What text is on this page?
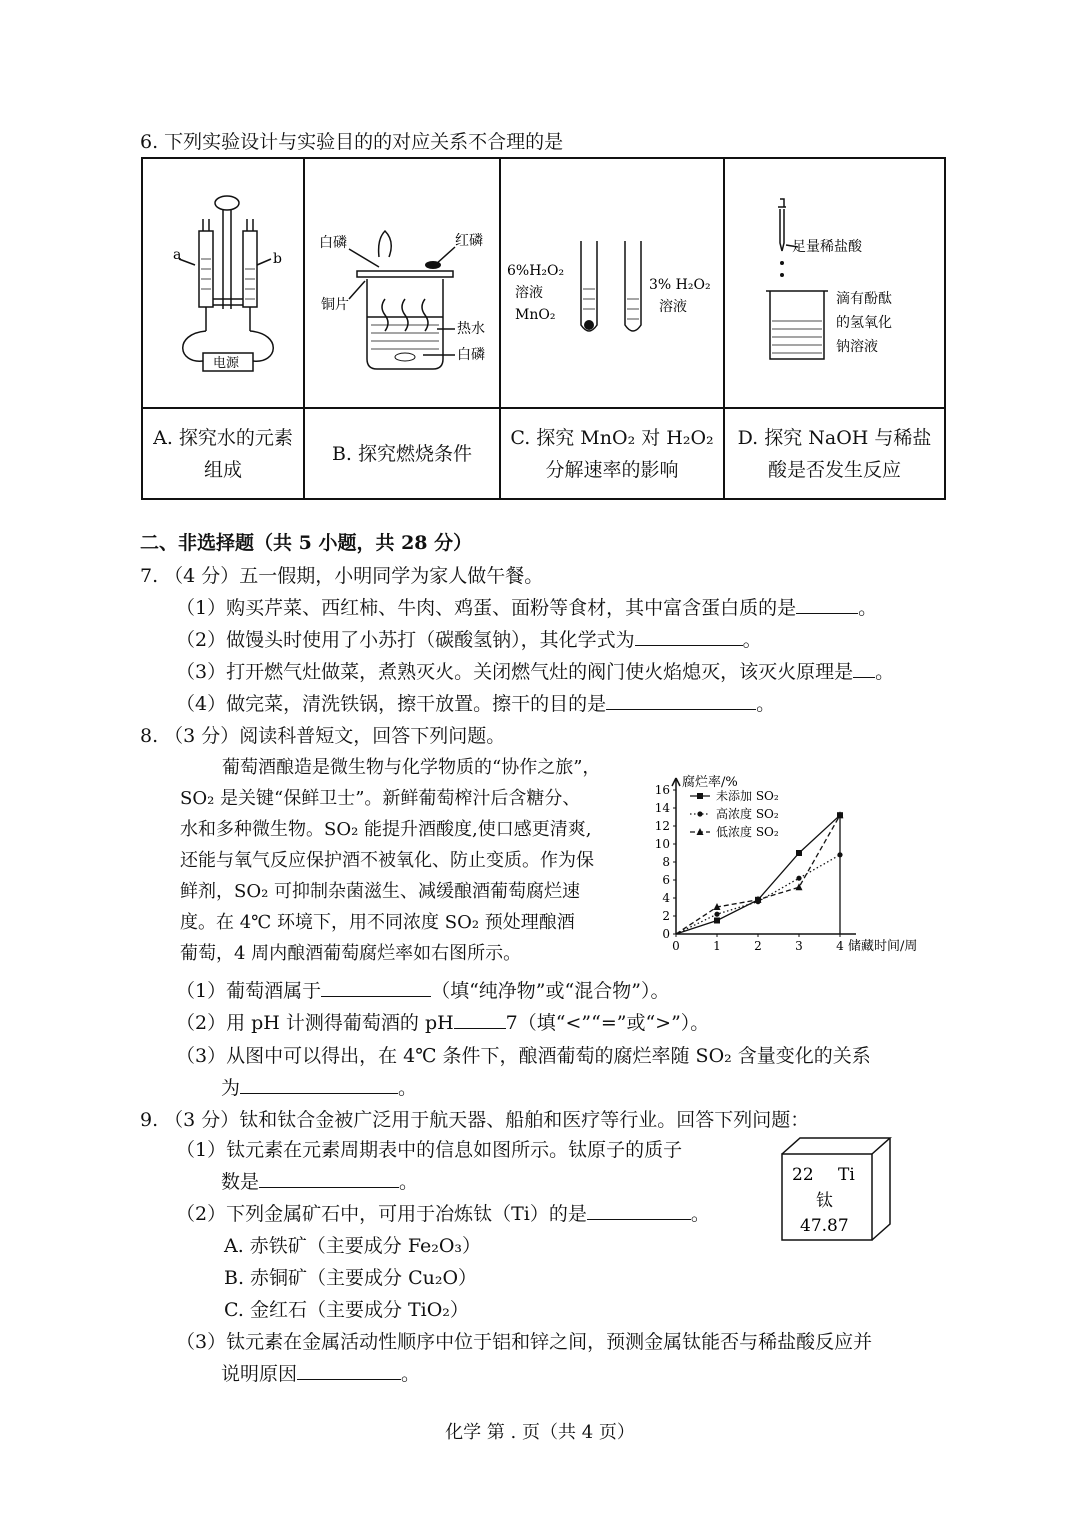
6. 下列实验设计与实验目的的对应关系不合理的是
a b
电源	白磷 红磷
铜片
热水
白磷	6%H₂O₂
溶液
MnO₂
3% H₂O₂
溶液	足量稀盐酸
滴有酚酞
的氢氧化
钠溶液

A. 探究水的元素组成	B. 探究燃烧条件	C. 探究 MnO₂ 对 H₂O₂ 分解速率的影响	D. 探究 NaOH 与稀盐酸是否发生反应
二、非选择题（共 5 小题，共 28 分）
7. （4 分）五一假期，小明同学为家人做午餐。
（1）购买芹菜、西红柿、牛肉、鸡蛋、面粉等食材，其中富含蛋白质的是	。
（2）做馒头时使用了小苏打（碳酸氢钠），其化学式为	。
（3）打开燃气灶做菜，煮熟灭火。关闭燃气灶的阀门使火焰熄灭，该灭火原理是 。
（4）做完菜，清洗铁锅，擦干放置。擦干的目的是	。
8. （3 分）阅读科普短文，回答下列问题。
葡萄酒酿造是微生物与化学物质的“协作之旅”，
SO₂ 是关键“保鲜卫士”。新鲜葡萄榨汁后含糖分、
水和多种微生物。SO₂ 能提升酒酸度,使口感更清爽,
还能与氧气反应保护酒不被氧化、防止变质。作为保
鲜剂，SO₂ 可抑制杂菌滋生、减缓酿酒葡萄腐烂速
度。在 4℃ 环境下，用不同浓度 SO₂ 预处理酿酒
葡萄，4 周内酿酒葡萄腐烂率如右图所示。
0
2
4
6
8
10
12
14
16
0	1	2	3	4
未添加 SO₂
高浓度 SO₂
低浓度 SO₂
腐烂率/%
储藏时间/周
（1）葡萄酒属于	（填“纯净物”或“混合物”）。
（2）用 pH 计测得葡萄酒的 pH	7（填“<”“=”或“>”）。
（3）从图中可以得出，在 4℃ 条件下，酿酒葡萄的腐烂率随 SO₂ 含量变化的关系
为	。
9. （3 分）钛和钛合金被广泛用于航天器、船舶和医疗等行业。回答下列问题：
（1）钛元素在元素周期表中的信息如图所示。钛原子的质子
数是	。
（2）下列金属矿石中，可用于冶炼钛（Ti）的是	。
A. 赤铁矿（主要成分 Fe₂O₃）
B. 赤铜矿（主要成分 Cu₂O）
C. 金红石（主要成分 TiO₂）
（3）钛元素在金属活动性顺序中位于铝和锌之间，预测金属钛能否与稀盐酸反应并
说明原因	。
22 Ti
钛
47.87
化学 第 . 页（共 4 页）
